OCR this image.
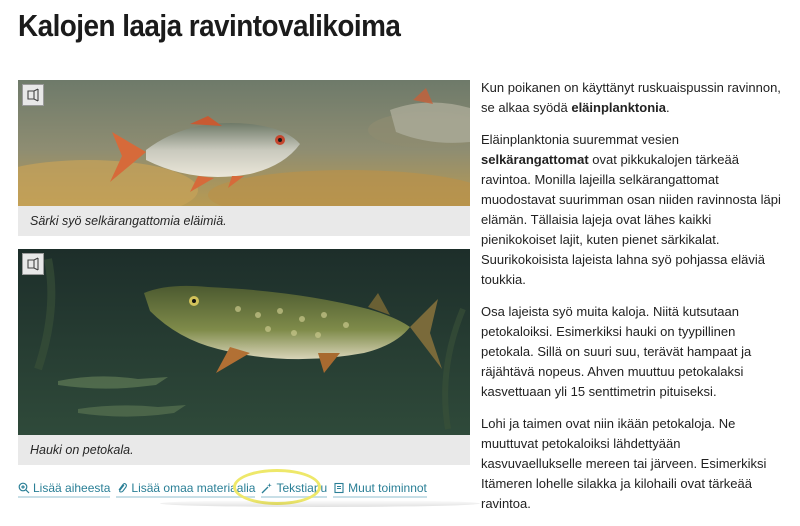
Kalojen laaja ravintovalikoima
Särki syö selkärangattomia eläimiä.
Hauki on petokala.

Kun poikanen on käyttänyt ruskuaispussin ravinnon, se alkaa syödä eläinplanktonia.

Eläinplanktonia suuremmat vesien selkärangattomat ovat pikkukalojen tärkeää ravintoa. Monilla lajeilla selkärangattomat muodostavat suurimman osan niiden ravinnosta läpi elämän. Tällaisia lajeja ovat lähes kaikki pienikokoiset lajit, kuten pienet särkikalat. Suurikokoisista lajeista lahna syö pohjassa eläviä toukkia.

Osa lajeista syö muita kaloja. Niitä kutsutaan petokaloiksi. Esimerkiksi hauki on tyypillinen petokala. Sillä on suuri suu, terävät hampaat ja räjähtävä nopeus. Ahven muuttuu petokalaksi kasvettuaan yli 15 senttimetrin pituiseksi.

Lohi ja taimen ovat niin ikään petokaloja. Ne muuttuvat petokaloiksi lähdettyään kasvuvaellukselle mereen tai järveen. Esimerkiksi Itämeren lohelle silakka ja kilohaili ovat tärkeää ravintoa.

Lisää aiheesta Lisää omaa materiaalia Tekstiapu Muut toiminnot
